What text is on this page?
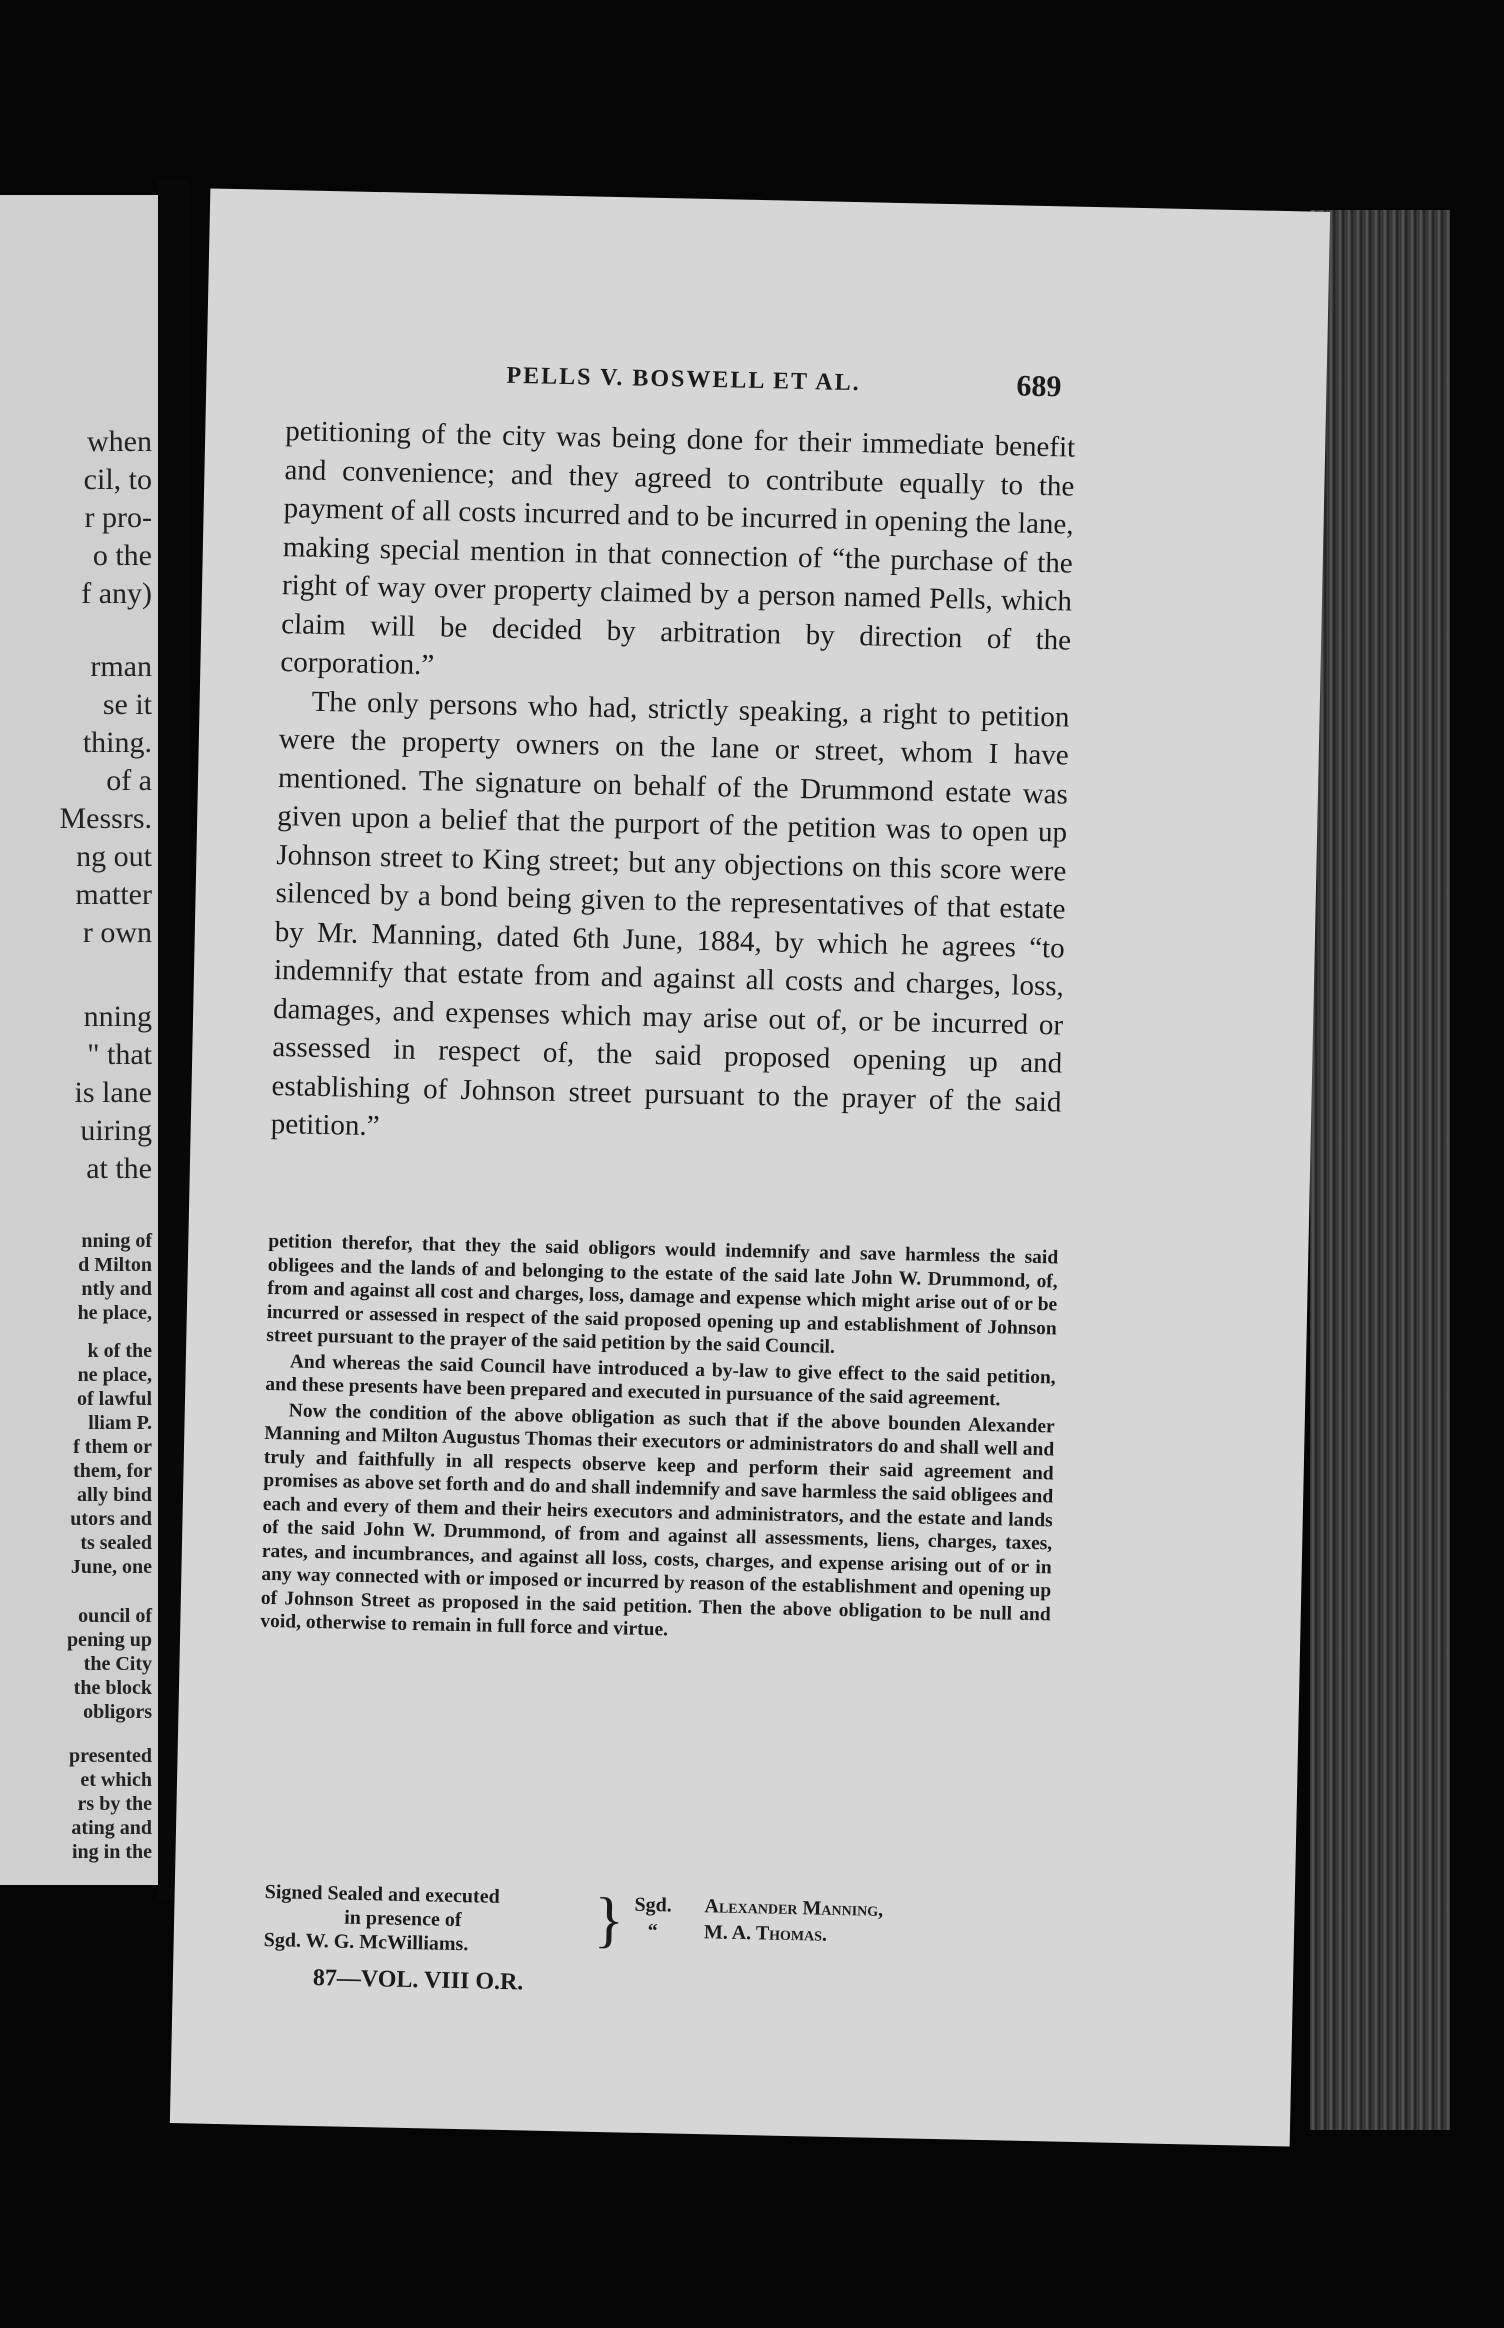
when
cil, to
r pro-
o the
f any)
rman
se it
thing.
of a
Messrs.
ng out
matter
r own
nning
" that
is lane
uiring
at the
nning of
d Milton
ntly and
he place,
k of the
ne place,
of lawful
lliam P.
f them or
them, for
ally bind
utors and
ts sealed
June, one
ouncil of
pening up
the City
the block
obligors
presented
et which
rs by the
ating and
ing in the
PELLS V. BOSWELL ET AL.	689

petitioning of the city was being done for their immediate benefit and convenience; and they agreed to contribute equally to the payment of all costs incurred and to be incurred in opening the lane, making special mention in that connection of “the purchase of the right of way over property claimed by a person named Pells, which claim will be decided by arbitration by direction of the corporation.”

The only persons who had, strictly speaking, a right to petition were the property owners on the lane or street, whom I have mentioned. The signature on behalf of the Drummond estate was given upon a belief that the purport of the petition was to open up Johnson street to King street; but any objections on this score were silenced by a bond being given to the representatives of that estate by Mr. Manning, dated 6th June, 1884, by which he agrees “to indemnify that estate from and against all costs and charges, loss, damages, and expenses which may arise out of, or be incurred or assessed in respect of, the said proposed opening up and establishing of Johnson street pursuant to the prayer of the said petition.”

petition therefor, that they the said obligors would indemnify and save harmless the said obligees and the lands of and belonging to the estate of the said late John W. Drummond, of, from and against all cost and charges, loss, damage and expense which might arise out of or be incurred or assessed in respect of the said proposed opening up and establishment of Johnson street pursuant to the prayer of the said petition by the said Council.

And whereas the said Council have introduced a by-law to give effect to the said petition, and these presents have been prepared and executed in pursuance of the said agreement.

Now the condition of the above obligation as such that if the above bounden Alexander Manning and Milton Augustus Thomas their executors or administrators do and shall well and truly and faithfully in all respects observe keep and perform their said agreement and promises as above set forth and do and shall indemnify and save harmless the said obligees and each and every of them and their heirs executors and administrators, and the estate and lands of the said John W. Drummond, of from and against all assessments, liens, charges, taxes, rates, and incumbrances, and against all loss, costs, charges, and expense arising out of or in any way connected with or imposed or incurred by reason of the establishment and opening up of Johnson Street as proposed in the said petition. Then the above obligation to be null and void, otherwise to remain in full force and virtue.

Signed Sealed and executed
in presence of
Sgd. W. G. McWilliams.	} Sgd.
“
Alexander Manning,
M. A. Thomas.
87—VOL. VIII O.R.
